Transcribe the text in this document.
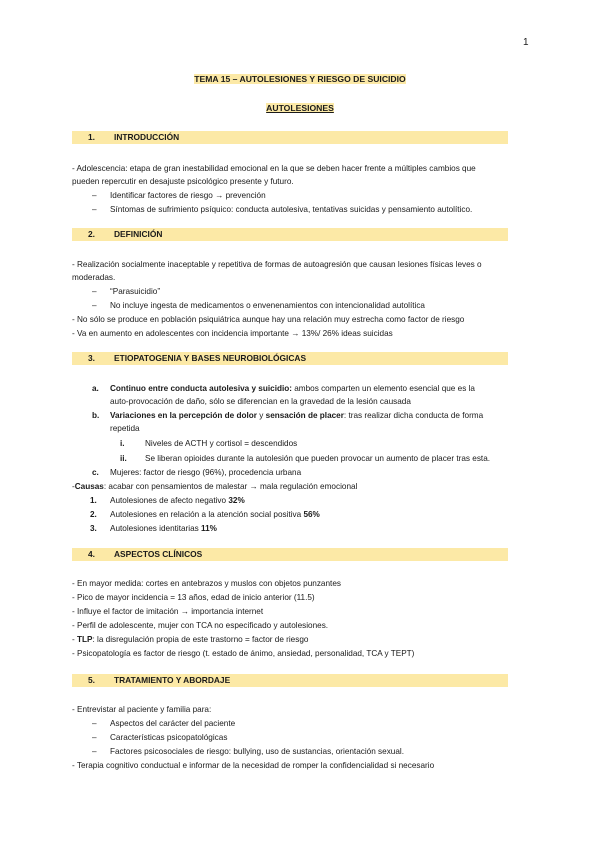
1
TEMA 15 – AUTOLESIONES Y RIESGO DE SUICIDIO
AUTOLESIONES
1. INTRODUCCIÓN
- Adolescencia: etapa de gran inestabilidad emocional en la que se deben hacer frente a múltiples cambios que
pueden repercutir en desajuste psicológico presente y futuro.
– Identificar factores de riesgo → prevención
– Síntomas de sufrimiento psíquico: conducta autolesiva, tentativas suicidas y pensamiento autolítico.
2. DEFINICIÓN
- Realización socialmente inaceptable y repetitiva de formas de autoagresión que causan lesiones físicas leves o
moderadas.
– “Parasuicidio”
– No incluye ingesta de medicamentos o envenenamientos con intencionalidad autolítica
- No sólo se produce en población psiquiátrica aunque hay una relación muy estrecha como factor de riesgo
- Va en aumento en adolescentes con incidencia importante → 13%/ 26% ideas suicidas
3. ETIOPATOGENIA Y BASES NEUROBIOLÓGICAS
a. Continuo entre conducta autolesiva y suicidio: ambos comparten un elemento esencial que es la
auto-provocación de daño, sólo se diferencian en la gravedad de la lesión causada
b. Variaciones en la percepción de dolor y sensación de placer: tras realizar dicha conducta de forma
repetida
i. Niveles de ACTH y cortisol = descendidos
ii. Se liberan opioides durante la autolesión que pueden provocar un aumento de placer tras esta.
c. Mujeres: factor de riesgo (96%), procedencia urbana
-Causas: acabar con pensamientos de malestar → mala regulación emocional
1. Autolesiones de afecto negativo 32%
2. Autolesiones en relación a la atención social positiva 56%
3. Autolesiones identitarias 11%
4. ASPECTOS CLÍNICOS
- En mayor medida: cortes en antebrazos y muslos con objetos punzantes
- Pico de mayor incidencia = 13 años, edad de inicio anterior (11.5)
- Influye el factor de imitación → importancia internet
- Perfil de adolescente, mujer con TCA no especificado y autolesiones.
- TLP: la disregulación propia de este trastorno = factor de riesgo
- Psicopatología es factor de riesgo (t. estado de ánimo, ansiedad, personalidad, TCA y TEPT)
5. TRATAMIENTO Y ABORDAJE
- Entrevistar al paciente y familia para:
– Aspectos del carácter del paciente
– Características psicopatológicas
– Factores psicosociales de riesgo: bullying, uso de sustancias, orientación sexual.
- Terapia cognitivo conductual e informar de la necesidad de romper la confidencialidad si necesario
